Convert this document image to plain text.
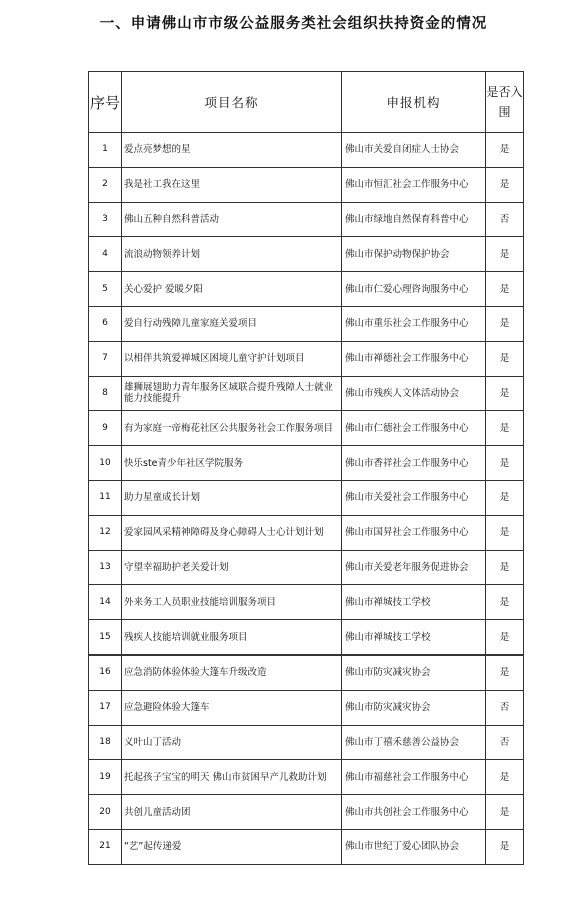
一、申请佛山市市级公益服务类社会组织扶持资金的情况
序号	项目名称	申报机构	是否入围
1	爱点亮梦想的星	佛山市关爱自闭症人士协会	是
2	我是社工我在这里	佛山市恒汇社会工作服务中心	是
3	佛山五种自然科普活动	佛山市绿地自然保育科普中心	否
4	流浪动物领养计划	佛山市保护动物保护协会	是
5	关心爱护 爱暖夕阳	佛山市仁爱心理咨询服务中心	是
6	爱自行动残障儿童家庭关爱项目	佛山市重乐社会工作服务中心	是
7	以相伴共筑爱禅城区困境儿童守护计划项目	佛山市禅德社会工作服务中心	是
8	雄狮展翅助力青年服务区域联合提升残障人士就业能力技能提升	佛山市残疾人文体活动协会	是
9	有为家庭一帝梅花社区公共服务社会工作服务项目	佛山市仁德社会工作服务中心	是
10	快乐ste青少年社区学院服务	佛山市香祥社会工作服务中心	是
11	助力星童成长计划	佛山市关爱社会工作服务中心	是
12	爱家园风采精神障碍及身心障碍人士心计划计划	佛山市国昇社会工作服务中心	是
13	守望幸福助护老关爱计划	佛山市关爱老年服务促进协会	是
14	外来务工人员职业技能培训服务项目	佛山市禅城技工学校	是
15	残疾人技能培训就业服务项目	佛山市禅城技工学校	是
16	应急消防体验体验大篷车升级改造	佛山市防灾减灾协会	是
17	应急避险体验大篷车	佛山市防灾减灾协会	否
18	义叶山丁活动	佛山市丁禧禾慈善公益协会	否
19	托起孩子宝宝的明天 佛山市贫困早产儿救助计划	佛山市福慈社会工作服务中心	是
20	共创儿童活动团	佛山市共创社会工作服务中心	是
21	“艺”起传递爱	佛山市世纪丁爱心团队协会	是
